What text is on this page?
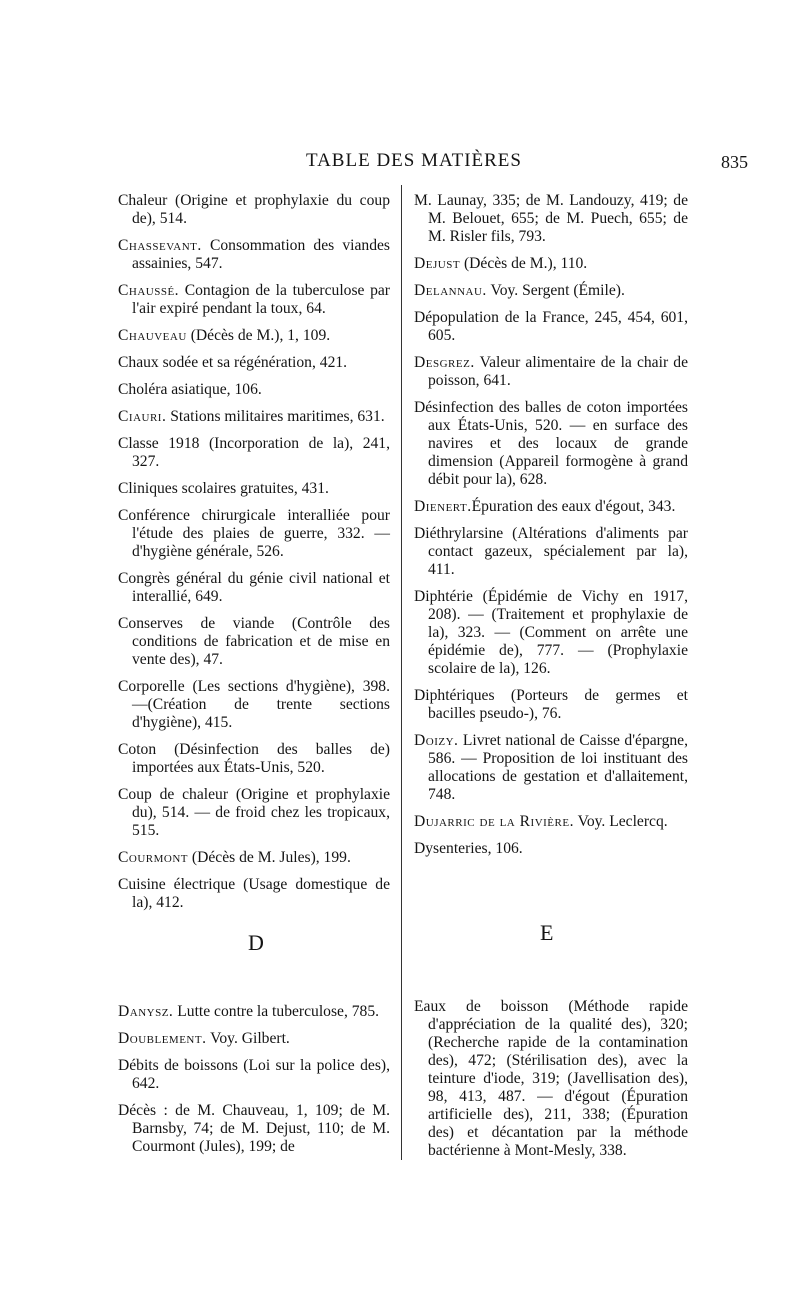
TABLE DES MATIÈRES	835

Chaleur (Origine et prophylaxie du coup de), 514.

Chassevant. Consommation des viandes assainies, 547.

Chaussé. Contagion de la tuberculose par l'air expiré pendant la toux, 64.

Chauveau (Décès de M.), 1, 109.

Chaux sodée et sa régénération, 421.

Choléra asiatique, 106.

Ciauri. Stations militaires maritimes, 631.

Classe 1918 (Incorporation de la), 241, 327.

Cliniques scolaires gratuites, 431.

Conférence chirurgicale interalliée pour l'étude des plaies de guerre, 332. — d'hygiène générale, 526.

Congrès général du génie civil national et interallié, 649.

Conserves de viande (Contrôle des conditions de fabrication et de mise en vente des), 47.

Corporelle (Les sections d'hygiène), 398.—(Création de trente sections d'hygiène), 415.

Coton (Désinfection des balles de) importées aux États-Unis, 520.

Coup de chaleur (Origine et prophylaxie du), 514. — de froid chez les tropicaux, 515.

Courmont (Décès de M. Jules), 199.

Cuisine électrique (Usage domestique de la), 412.

D

Danysz. Lutte contre la tuberculose, 785.

Doublement. Voy. Gilbert.

Débits de boissons (Loi sur la police des), 642.

Décès : de M. Chauveau, 1, 109; de M. Barnsby, 74; de M. Dejust, 110; de M. Courmont (Jules), 199; de

M. Launay, 335; de M. Landouzy, 419; de M. Belouet, 655; de M. Puech, 655; de M. Risler fils, 793.

Dejust (Décès de M.), 110.

Delannau. Voy. Sergent (Émile).

Dépopulation de la France, 245, 454, 601, 605.

Desgrez. Valeur alimentaire de la chair de poisson, 641.

Désinfection des balles de coton importées aux États-Unis, 520. — en surface des navires et des locaux de grande dimension (Appareil formogène à grand débit pour la), 628.

Dienert.Épuration des eaux d'égout, 343.

Diéthrylarsine (Altérations d'aliments par contact gazeux, spécialement par la), 411.

Diphtérie (Épidémie de Vichy en 1917, 208). — (Traitement et prophylaxie de la), 323. — (Comment on arrête une épidémie de), 777. — (Prophylaxie scolaire de la), 126.

Diphtériques (Porteurs de germes et bacilles pseudo-), 76.

Doizy. Livret national de Caisse d'épargne, 586. — Proposition de loi instituant des allocations de gestation et d'allaitement, 748.

Dujarric de la Rivière. Voy. Leclercq.

Dysenteries, 106.

E

Eaux de boisson (Méthode rapide d'appréciation de la qualité des), 320; (Recherche rapide de la contamination des), 472; (Stérilisation des), avec la teinture d'iode, 319; (Javellisation des), 98, 413, 487. — d'égout (Épuration artificielle des), 211, 338; (Épuration des) et décantation par la méthode bactérienne à Mont-Mesly, 338.
